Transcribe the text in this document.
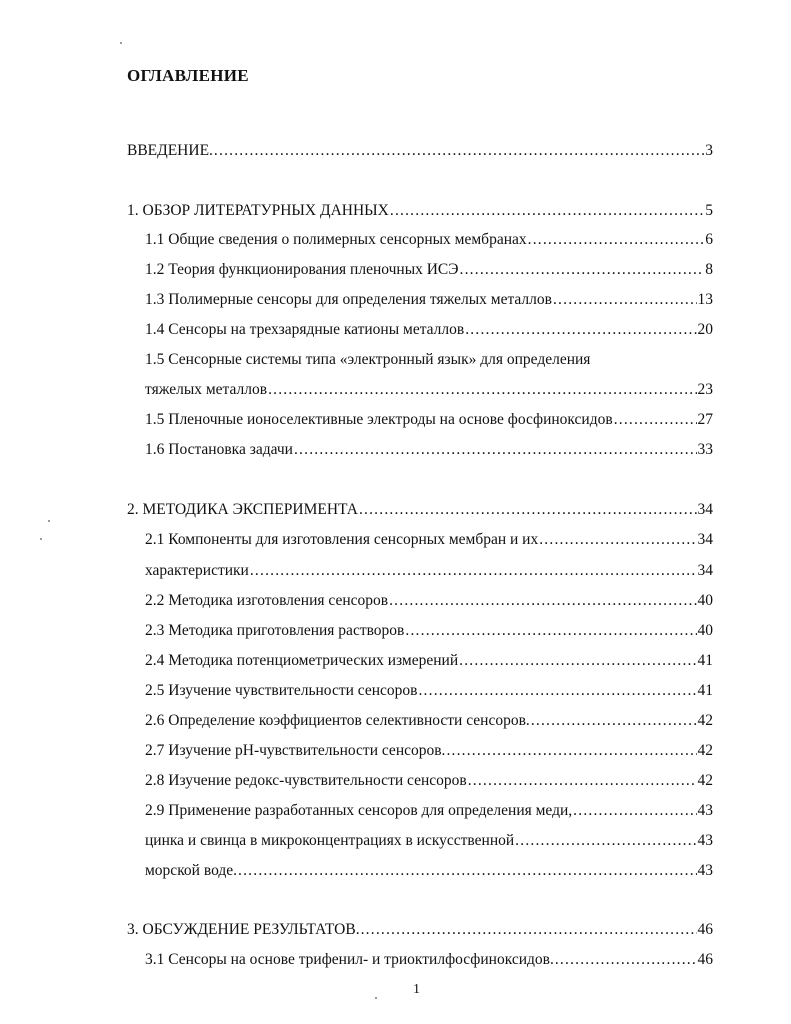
ОГЛАВЛЕНИЕ
ВВЕДЕНИЕ. .....	3
1. ОБЗОР ЛИТЕРАТУРНЫХ ДАННЫХ .....	5
1.1 Общие сведения о полимерных сенсорных мембранах .....	6
1.2 Теория функционирования пленочных ИСЭ .....	8
1.3 Полимерные сенсоры для определения тяжелых металлов .....	13
1.4 Сенсоры на трехзарядные катионы металлов .....	20
1.5 Сенсорные системы типа «электронный язык» для определения
тяжелых металлов .....	23
1.5 Пленочные ионоселективные электроды на основе фосфиноксидов .....	27
1.6 Постановка задачи .....	33
2. МЕТОДИКА ЭКСПЕРИМЕНТА .....	34
2.1 Компоненты для изготовления сенсорных мембран и их .....	34
характеристики .....	34
2.2 Методика изготовления сенсоров .....	40
2.3 Методика приготовления растворов .....	40
2.4 Методика потенциометрических измерений .....	41
2.5 Изучение чувствительности сенсоров .....	41
2.6 Определение коэффициентов селективности сенсоров. .....	42
2.7 Изучение pH-чувствительности сенсоров. .....	42
2.8 Изучение редокс-чувствительности сенсоров .....	42
2.9 Применение разработанных сенсоров для определения меди, .....	43
цинка и свинца в микроконцентрациях в искусственной .....	43
морской воде. .....	43
3. ОБСУЖДЕНИЕ РЕЗУЛЬТАТОВ. .....	46
3.1 Сенсоры на основе трифенил- и триоктилфосфиноксидов. .....	46
1
